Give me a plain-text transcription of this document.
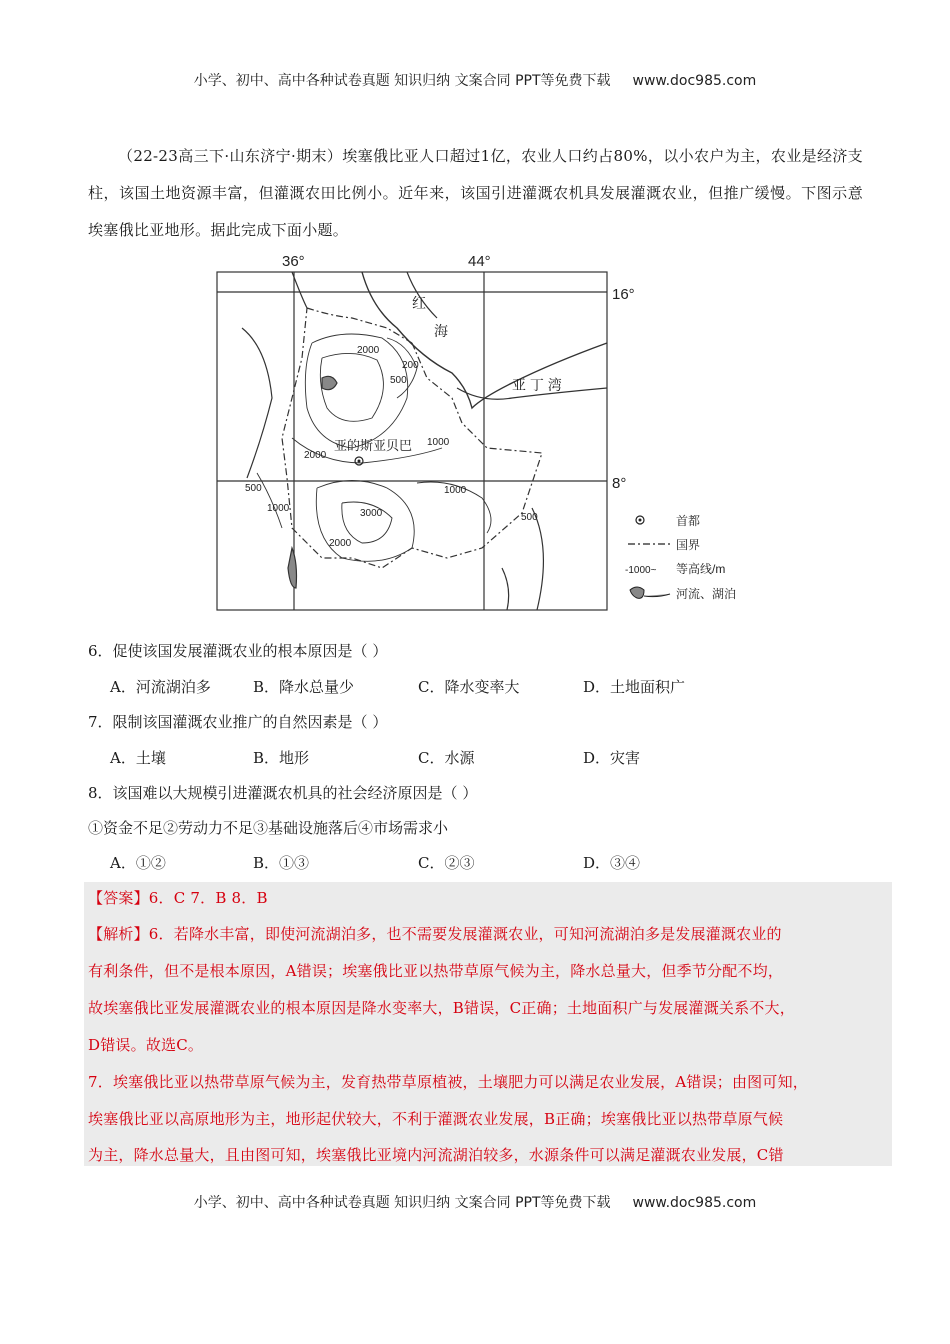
小学、初中、高中各种试卷真题 知识归纳 文案合同 PPT等免费下载 www.doc985.com
（22-23高三下·山东济宁·期末）埃塞俄比亚人口超过1亿，农业人口约占80%，以小农户为主，农业是经济支柱，该国土地资源丰富，但灌溉农田比例小。近年来，该国引进灌溉农机具发展灌溉农业，但推广缓慢。下图示意埃塞俄比亚地形。据此完成下面小题。
36°	44°
16°
8°
红
海
亚 丁 湾
亚的斯亚贝巴
2000
500
200
1000
2000
500
1000
1000
3000	500
2000
首都
国界
-1000~ 等高线/m
河流、湖泊
6．促使该国发展灌溉农业的根本原因是（ ）
A．河流湖泊多	B．降水总量少	C．降水变率大	D．土地面积广
7．限制该国灌溉农业推广的自然因素是（ ）
A．土壤	B．地形	C．水源	D．灾害
8．该国难以大规模引进灌溉农机具的社会经济原因是（ ）
①资金不足②劳动力不足③基础设施落后④市场需求小
A．①②	B．①③	C．②③	D．③④
【答案】6．C 7．B 8．B
【解析】6．若降水丰富，即使河流湖泊多，也不需要发展灌溉农业，可知河流湖泊多是发展灌溉农业的
有利条件，但不是根本原因，A错误；埃塞俄比亚以热带草原气候为主，降水总量大，但季节分配不均，
故埃塞俄比亚发展灌溉农业的根本原因是降水变率大，B错误，C正确；土地面积广与发展灌溉关系不大，
D错误。故选C。
7．埃塞俄比亚以热带草原气候为主，发育热带草原植被，土壤肥力可以满足农业发展，A错误；由图可知，
埃塞俄比亚以高原地形为主，地形起伏较大，不利于灌溉农业发展，B正确；埃塞俄比亚以热带草原气候
为主，降水总量大，且由图可知，埃塞俄比亚境内河流湖泊较多，水源条件可以满足灌溉农业发展，C错
小学、初中、高中各种试卷真题 知识归纳 文案合同 PPT等免费下载 www.doc985.com
